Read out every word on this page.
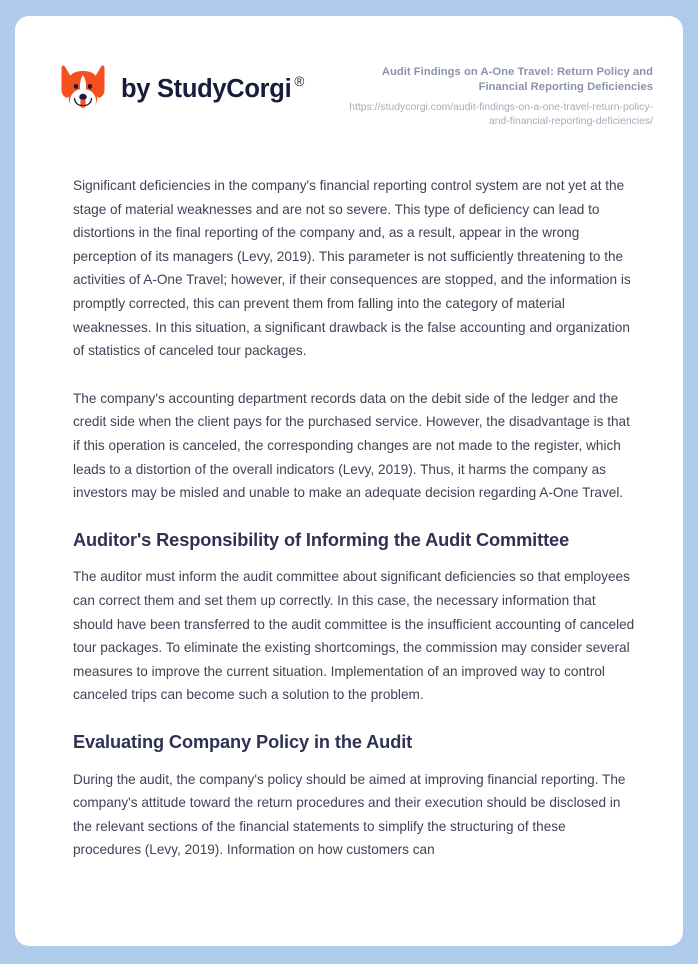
by StudyCorgi ®
Audit Findings on A-One Travel: Return Policy and Financial Reporting Deficiencies
https://studycorgi.com/audit-findings-on-a-one-travel-return-policy-and-financial-reporting-deficiencies/

Significant deficiencies in the company's financial reporting control system are not yet at the stage of material weaknesses and are not so severe. This type of deficiency can lead to distortions in the final reporting of the company and, as a result, appear in the wrong perception of its managers (Levy, 2019). This parameter is not sufficiently threatening to the activities of A-One Travel; however, if their consequences are stopped, and the information is promptly corrected, this can prevent them from falling into the category of material weaknesses. In this situation, a significant drawback is the false accounting and organization of statistics of canceled tour packages.

The company's accounting department records data on the debit side of the ledger and the credit side when the client pays for the purchased service. However, the disadvantage is that if this operation is canceled, the corresponding changes are not made to the register, which leads to a distortion of the overall indicators (Levy, 2019). Thus, it harms the company as investors may be misled and unable to make an adequate decision regarding A-One Travel.

Auditor's Responsibility of Informing the Audit Committee

The auditor must inform the audit committee about significant deficiencies so that employees can correct them and set them up correctly. In this case, the necessary information that should have been transferred to the audit committee is the insufficient accounting of canceled tour packages. To eliminate the existing shortcomings, the commission may consider several measures to improve the current situation. Implementation of an improved way to control canceled trips can become such a solution to the problem.

Evaluating Company Policy in the Audit

During the audit, the company's policy should be aimed at improving financial reporting. The company's attitude toward the return procedures and their execution should be disclosed in the relevant sections of the financial statements to simplify the structuring of these procedures (Levy, 2019). Information on how customers can
